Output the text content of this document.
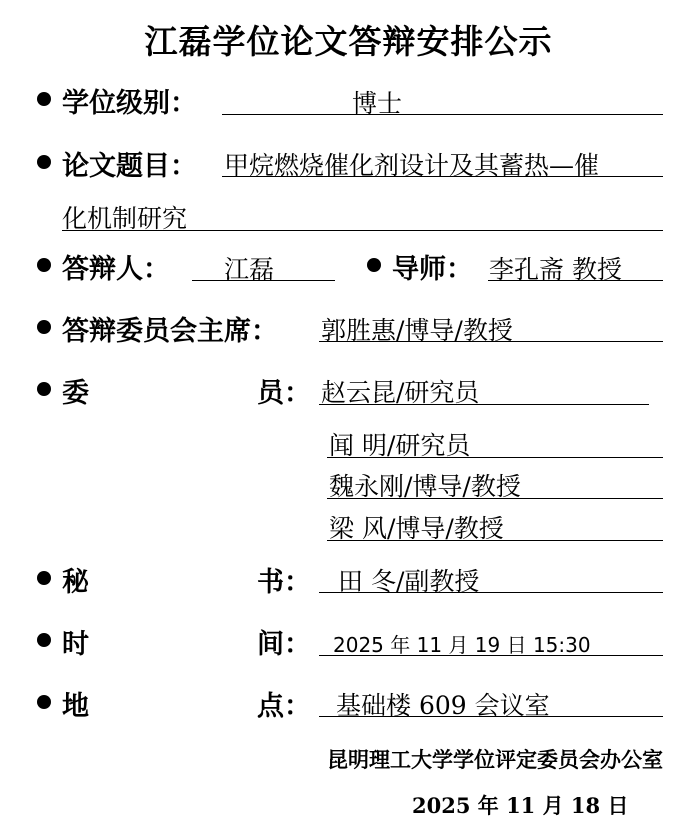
江磊学位论文答辩安排公示
学位级别：	博士
论文题目： 甲烷燃烧催化剂设计及其蓄热—催
化机制研究
答辩人： 江磊	导师： 李孔斋 教授
答辩委员会主席： 郭胜惠/博导/教授
委	员： 赵云昆/研究员
闻 明/研究员
魏永刚/博导/教授
梁 风/博导/教授
秘	书： 田 冬/副教授
时	间： 2025 年 11 月 19 日 15:30
地	点： 基础楼 609 会议室
昆明理工大学学位评定委员会办公室
2025 年 11 月 18 日
